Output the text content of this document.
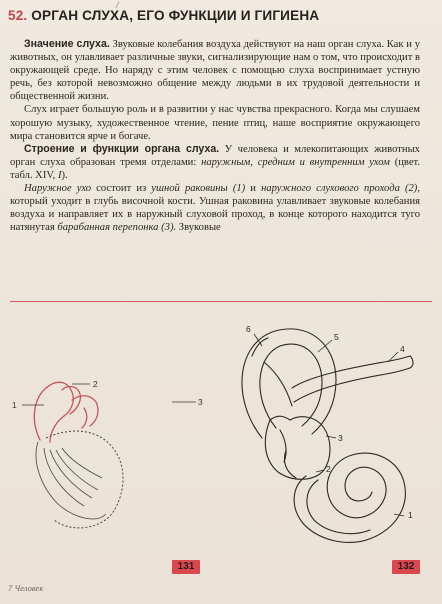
/
52. ОРГАН СЛУХА, ЕГО ФУНКЦИИ И ГИГИЕНА

Значение слуха. Звуковые колебания воздуха действуют на наш орган слуха. Как и у животных, он улавливает различные звуки, сигнализирующие нам о том, что происходит в окружающей среде. Но наряду с этим человек с помощью слуха воспринимает устную речь, без которой невозможно общение между людьми в их трудовой деятельности и общественной жизни.

Слух играет большую роль и в развитии у нас чувства прекрасного. Когда мы слушаем хорошую музыку, художественное чтение, пение птиц, наше восприятие окружающего мира становится ярче и богаче.

Строение и функции органа слуха. У человека и млекопитающих животных орган слуха образован тремя отделами: наружным, средним и внутренним ухом (цвет. табл. XIV, I).

Наружное ухо состоит из ушной раковины (1) и наружного слухового прохода (2), который уходит в глубь височной кости. Ушная раковина улавливает звуковые колебания воздуха и направляет их в наружный слуховой проход, в конце которого находится туго натянутая барабанная перепонка (3). Звуковые

1
2
3
6
5
4
3
2
1
131	132
7 Человек
